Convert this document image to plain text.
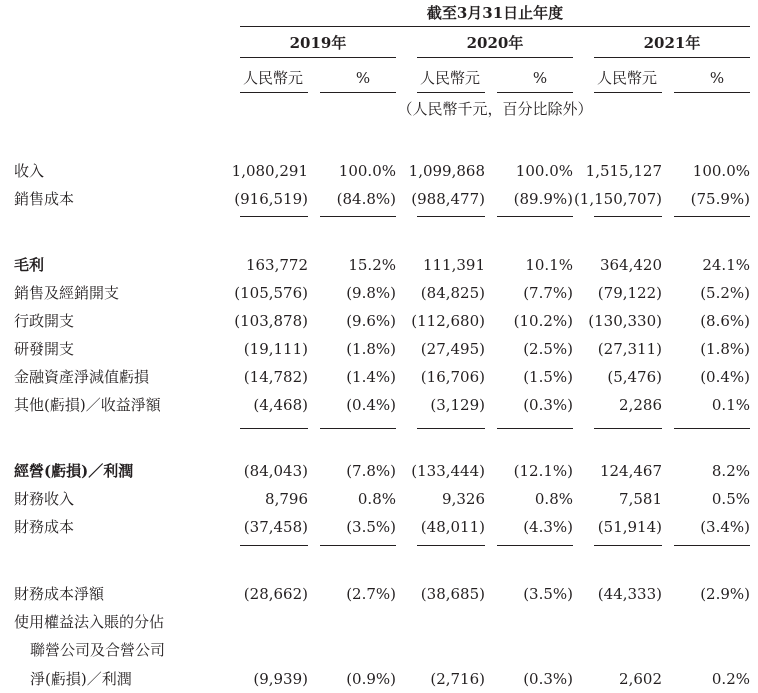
截至3月31日止年度
2019年	2020年	2021年
人民幣元	%	人民幣元	%	人民幣元	%
（人民幣千元，百分比除外）
收入	1,080,291	100.0% 1,099,868	100.0% 1,515,127	100.0%
銷售成本	(916,519)	(84.8%)	(988,477)	(89.9%) (1,150,707)	(75.9%)
毛利	163,772	15.2%	111,391	10.1%	364,420	24.1%
銷售及經銷開支	(105,576)	(9.8%)	(84,825)	(7.7%)	(79,122)	(5.2%)
行政開支	(103,878)	(9.6%)	(112,680)	(10.2%)	(130,330)	(8.6%)
研發開支	(19,111)	(1.8%)	(27,495)	(2.5%)	(27,311)	(1.8%)
金融資產淨減值虧損	(14,782)	(1.4%)	(16,706)	(1.5%)	(5,476)	(0.4%)
其他(虧損)／收益淨額	(4,468)	(0.4%)	(3,129)	(0.3%)	2,286	0.1%
經營(虧損)／利潤	(84,043)	(7.8%)	(133,444)	(12.1%)	124,467	8.2%
財務收入	8,796	0.8%	9,326	0.8%	7,581	0.5%
財務成本	(37,458)	(3.5%)	(48,011)	(4.3%)	(51,914)	(3.4%)
財務成本淨額	(28,662)	(2.7%)	(38,685)	(3.5%)	(44,333)	(2.9%)
使用權益法入賬的分佔
聯營公司及合營公司
淨(虧損)／利潤	(9,939)	(0.9%)	(2,716)	(0.3%)	2,602	0.2%
